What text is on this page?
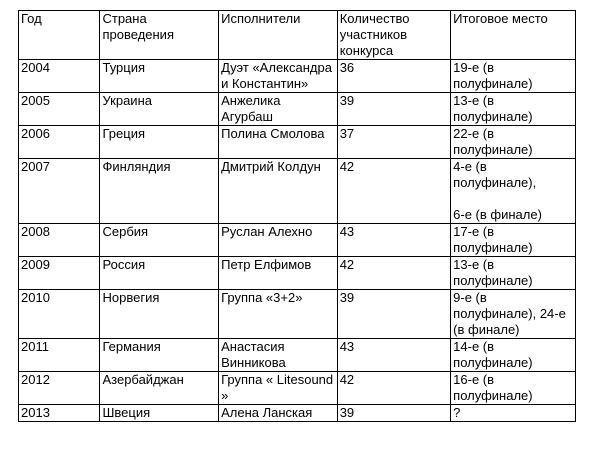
Год	Страна проведения	Исполнители	Количество участников конкурса	Итоговое место
2004	Турция	Дуэт «Александра и Константин»	36	19-е (в полуфинале)
2005	Украина	Анжелика Агурбаш	39	13-е (в полуфинале)
2006	Греция	Полина Смолова	37	22-е (в полуфинале)
2007	Финляндия	Дмитрий Колдун	42	4-е (в полуфинале),
6-е (в финале)
2008	Сербия	Руслан Алехно	43	17-е (в полуфинале)
2009	Россия	Петр Елфимов	42	13-е (в полуфинале)
2010	Норвегия	Группа «3+2»	39	9-е (в полуфинале), 24-е (в финале)
2011	Германия	Анастасия Винникова	43	14-е (в полуфинале)
2012	Азербайджан	Группа « Litesound »	42	16-е (в полуфинале)
2013	Швеция	Алена Ланская	39	?
